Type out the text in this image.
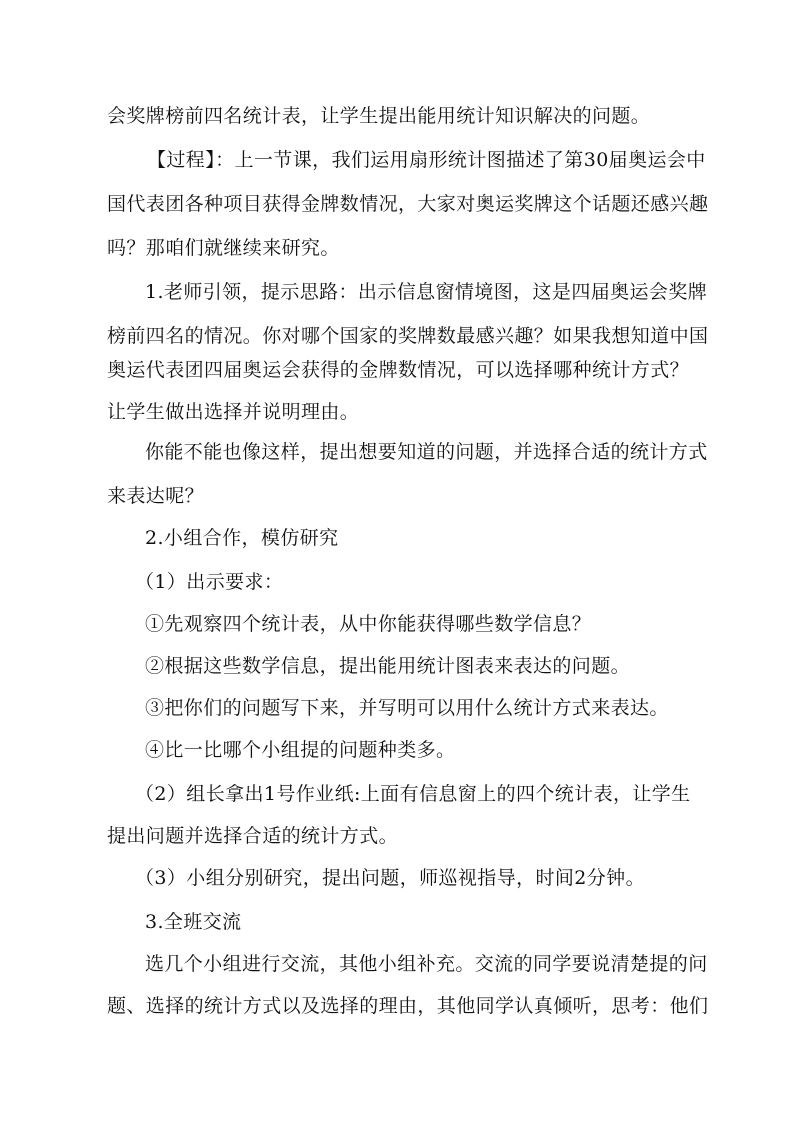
会奖牌榜前四名统计表，让学生提出能用统计知识解决的问题。
【过程】：上一节课，我们运用扇形统计图描述了第30届奥运会中
国代表团各种项目获得金牌数情况，大家对奥运奖牌这个话题还感兴趣
吗？那咱们就继续来研究。
1.老师引领，提示思路：出示信息窗情境图，这是四届奥运会奖牌
榜前四名的情况。你对哪个国家的奖牌数最感兴趣？如果我想知道中国
奥运代表团四届奥运会获得的金牌数情况，可以选择哪种统计方式？
让学生做出选择并说明理由。
你能不能也像这样，提出想要知道的问题，并选择合适的统计方式
来表达呢？
2.小组合作，模仿研究
（1）出示要求：
①先观察四个统计表，从中你能获得哪些数学信息？
②根据这些数学信息，提出能用统计图表来表达的问题。
③把你们的问题写下来，并写明可以用什么统计方式来表达。
④比一比哪个小组提的问题种类多。
（2）组长拿出1号作业纸:上面有信息窗上的四个统计表，让学生
提出问题并选择合适的统计方式。
（3）小组分别研究，提出问题，师巡视指导，时间2分钟。
3.全班交流
选几个小组进行交流，其他小组补充。交流的同学要说清楚提的问
题、选择的统计方式以及选择的理由，其他同学认真倾听，思考：他们
